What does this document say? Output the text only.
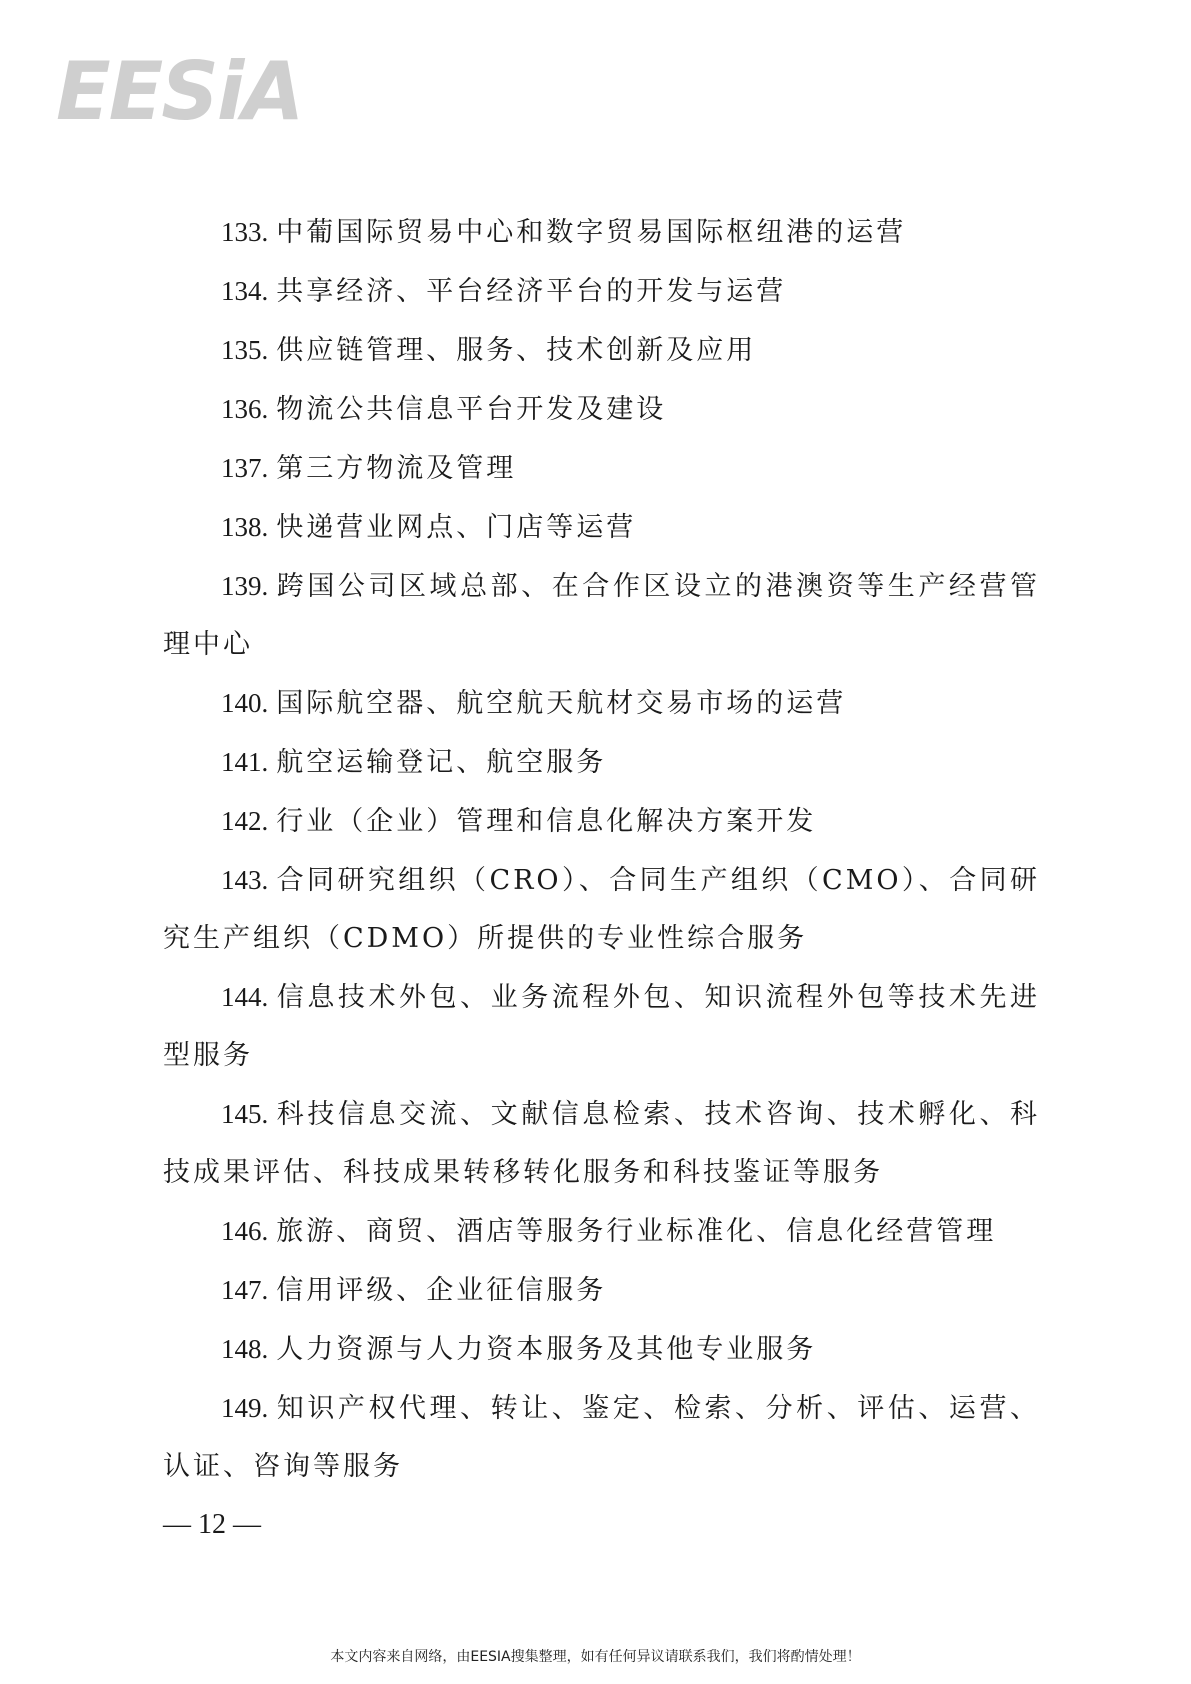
EESiA

133. 中葡国际贸易中心和数字贸易国际枢纽港的运营

134. 共享经济、平台经济平台的开发与运营

135. 供应链管理、服务、技术创新及应用

136. 物流公共信息平台开发及建设

137. 第三方物流及管理

138. 快递营业网点、门店等运营

139. 跨国公司区域总部、在合作区设立的港澳资等生产经营管理中心

140. 国际航空器、航空航天航材交易市场的运营

141. 航空运输登记、航空服务

142. 行业（企业）管理和信息化解决方案开发

143. 合同研究组织（CRO）、合同生产组织（CMO）、合同研究生产组织（CDMO）所提供的专业性综合服务

144. 信息技术外包、业务流程外包、知识流程外包等技术先进型服务

145. 科技信息交流、文献信息检索、技术咨询、技术孵化、科技成果评估、科技成果转移转化服务和科技鉴证等服务

146. 旅游、商贸、酒店等服务行业标准化、信息化经营管理

147. 信用评级、企业征信服务

148. 人力资源与人力资本服务及其他专业服务

149. 知识产权代理、转让、鉴定、检索、分析、评估、运营、认证、咨询等服务

— 12 —
本文内容来自网络，由EESIA搜集整理，如有任何异议请联系我们，我们将酌情处理！
